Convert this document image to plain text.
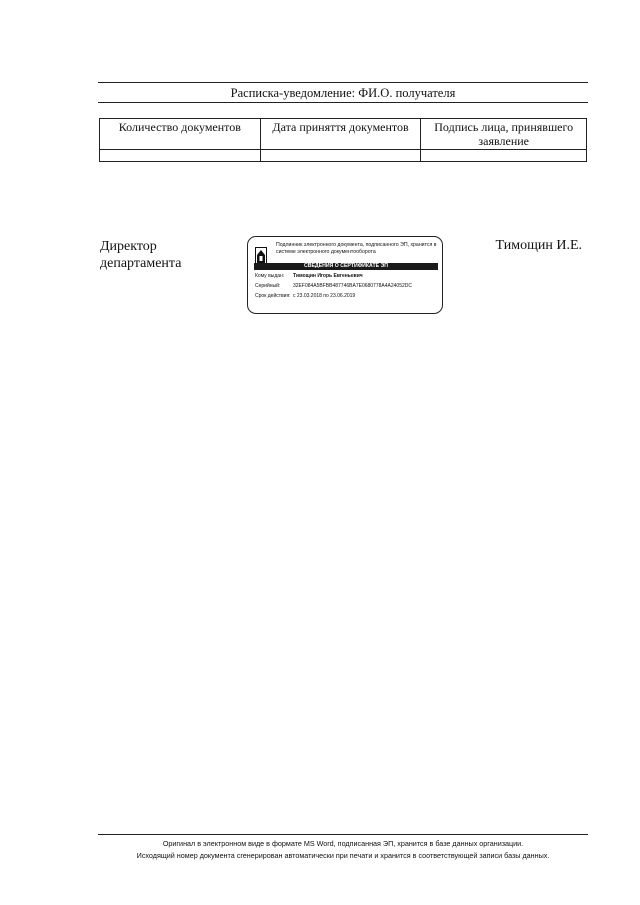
Расписка-уведомление: ФИ.О. получателя
Количество документов	Дата приняття документов	Подпись лица, принявшего заявление

Директор
департамента
Подлинник электронного документа, подписанного ЭП, хранится в системе электронного документооборота
СВЕДЕНИЯ О СЕРТИФИКАТЕ ЭП
Кому выдан: Тимощин Игорь Евгеньевич
Серийный:	32EF084A5BFBB487746BA7E0680778A4A24052DC
Срок действия: с 23.03.2018 по 23.06.2019
Тимощин И.Е.
Оригинал в электронном виде в формате MS Word, подписанная ЭП, хранится в базе данных организации.
Исходящий номер документа сгенерирован автоматически при печати и хранится в соответствующей записи базы данных.
